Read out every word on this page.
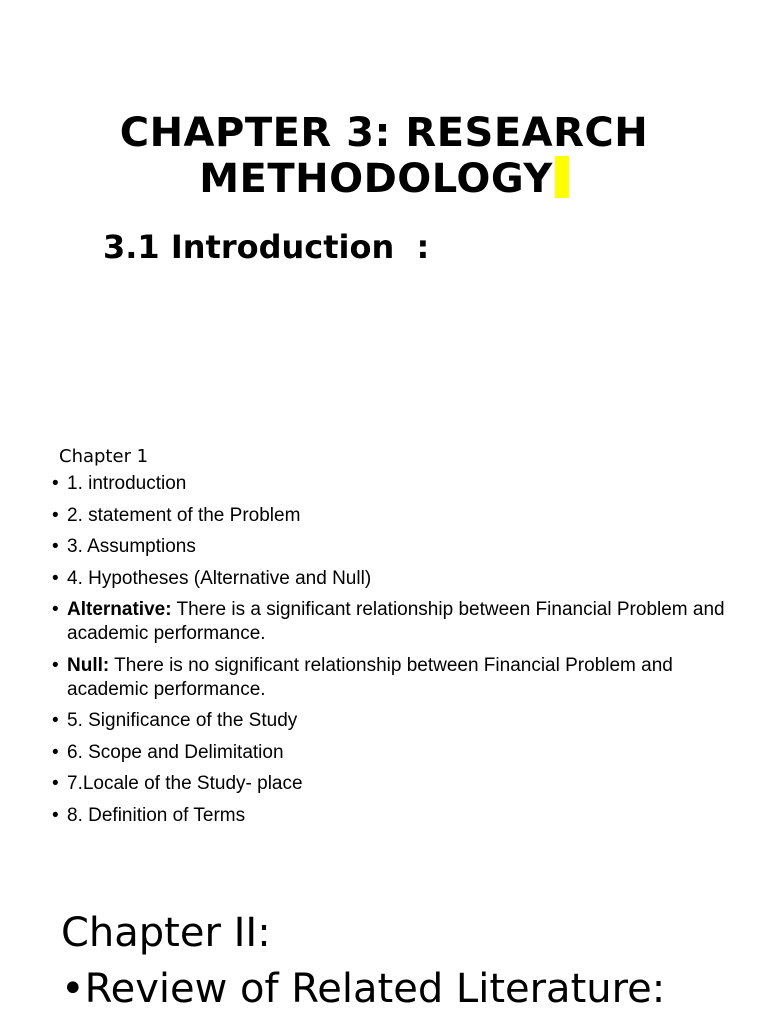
CHAPTER 3: RESEARCH
METHODOLOGY
3.1 Introduction  :
Chapter 1
• 1. introduction
• 2. statement of the Problem
• 3. Assumptions
• 4. Hypotheses (Alternative and Null)
• Alternative: There is a significant relationship between Financial Problem and academic performance.
• Null: There is no significant relationship between Financial Problem and academic performance.
• 5. Significance of the Study
• 6. Scope and Delimitation
• 7.Locale of the Study- place
• 8. Definition of Terms
Chapter II:
•Review of Related Literature:
